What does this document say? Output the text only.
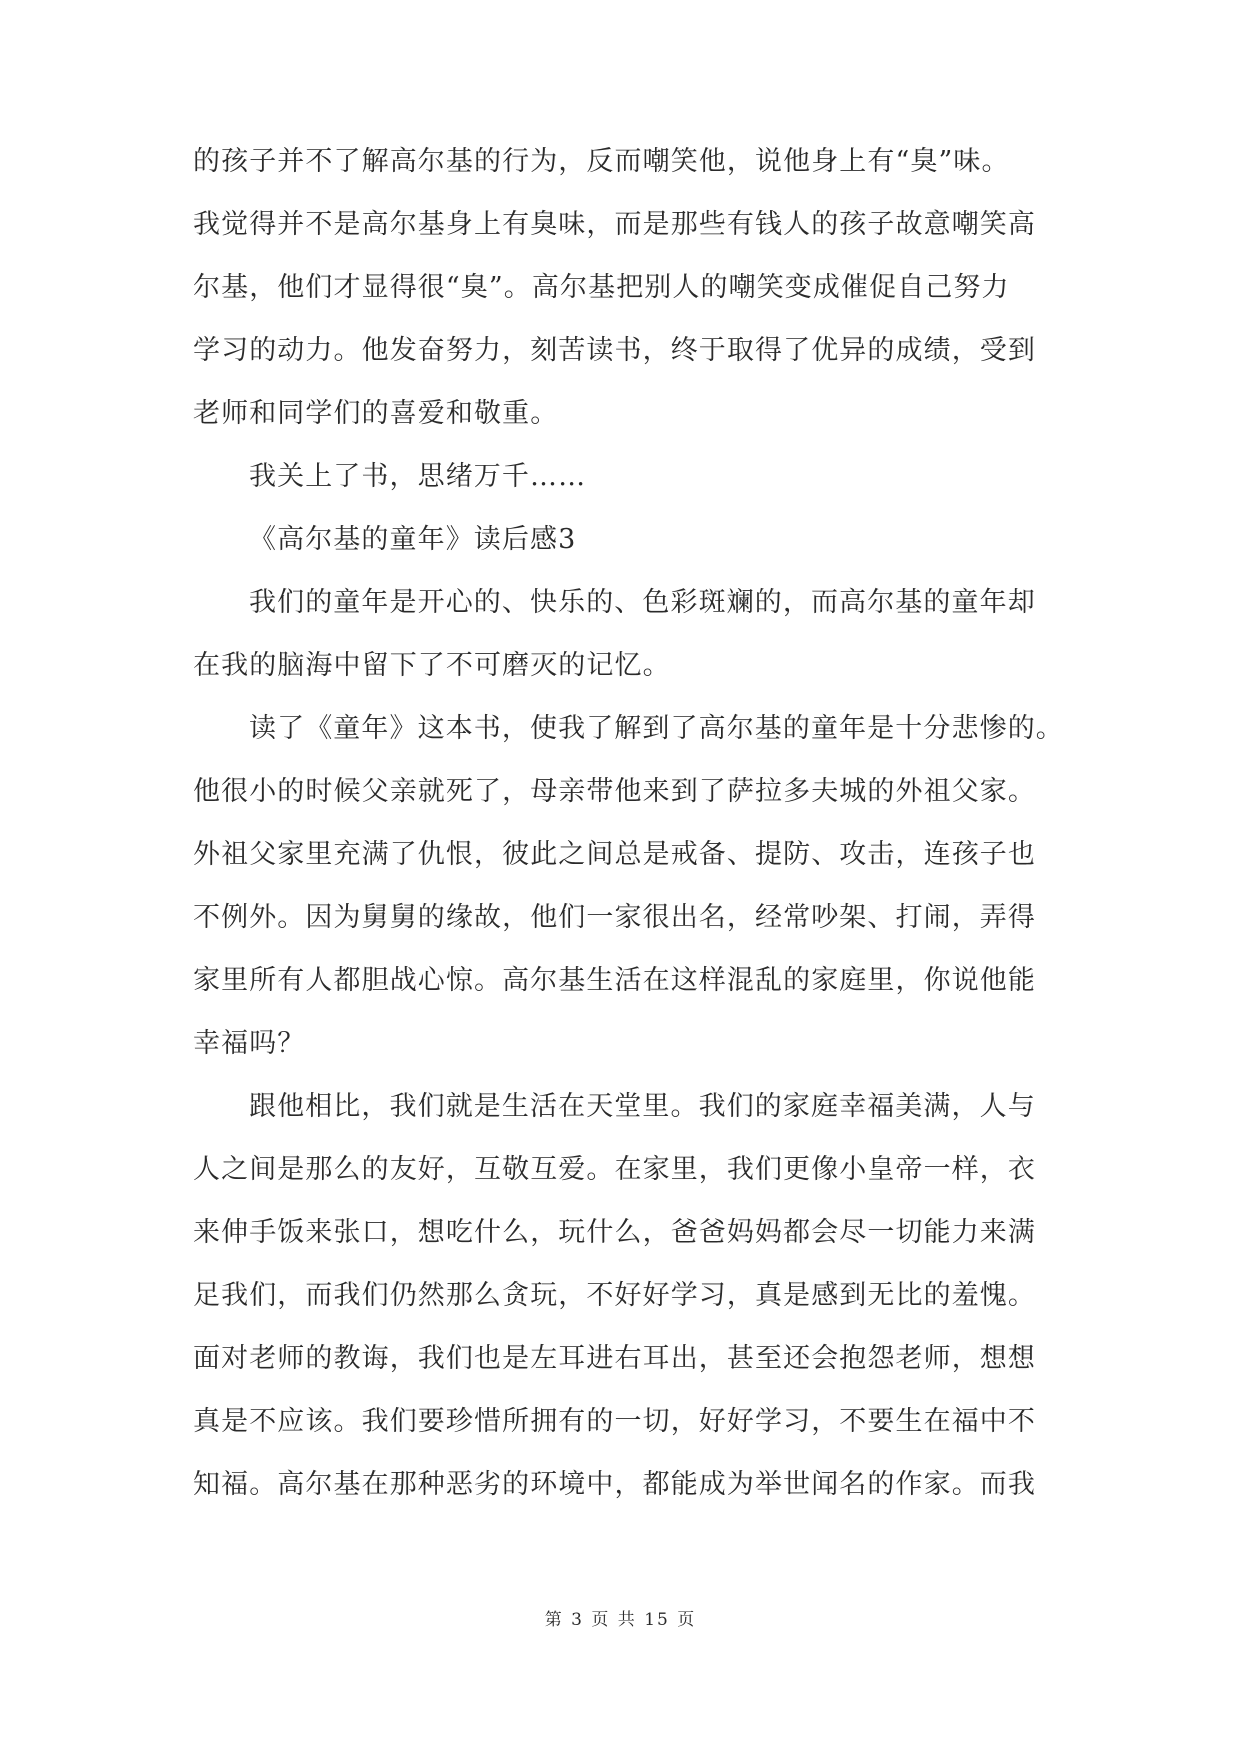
的孩子并不了解高尔基的行为，反而嘲笑他，说他身上有“臭”味。
我觉得并不是高尔基身上有臭味，而是那些有钱人的孩子故意嘲笑高
尔基，他们才显得很“臭”。高尔基把别人的嘲笑变成催促自己努力
学习的动力。他发奋努力，刻苦读书，终于取得了优异的成绩，受到
老师和同学们的喜爱和敬重。
我关上了书，思绪万千……
《高尔基的童年》读后感3
我们的童年是开心的、快乐的、色彩斑斓的，而高尔基的童年却
在我的脑海中留下了不可磨灭的记忆。
读了《童年》这本书，使我了解到了高尔基的童年是十分悲惨的。
他很小的时候父亲就死了，母亲带他来到了萨拉多夫城的外祖父家。
外祖父家里充满了仇恨，彼此之间总是戒备、提防、攻击，连孩子也
不例外。因为舅舅的缘故，他们一家很出名，经常吵架、打闹，弄得
家里所有人都胆战心惊。高尔基生活在这样混乱的家庭里，你说他能
幸福吗？
跟他相比，我们就是生活在天堂里。我们的家庭幸福美满，人与
人之间是那么的友好，互敬互爱。在家里，我们更像小皇帝一样，衣
来伸手饭来张口，想吃什么，玩什么，爸爸妈妈都会尽一切能力来满
足我们，而我们仍然那么贪玩，不好好学习，真是感到无比的羞愧。
面对老师的教诲，我们也是左耳进右耳出，甚至还会抱怨老师，想想
真是不应该。我们要珍惜所拥有的一切，好好学习，不要生在福中不
知福。高尔基在那种恶劣的环境中，都能成为举世闻名的作家。而我
第 3 页 共 15 页
